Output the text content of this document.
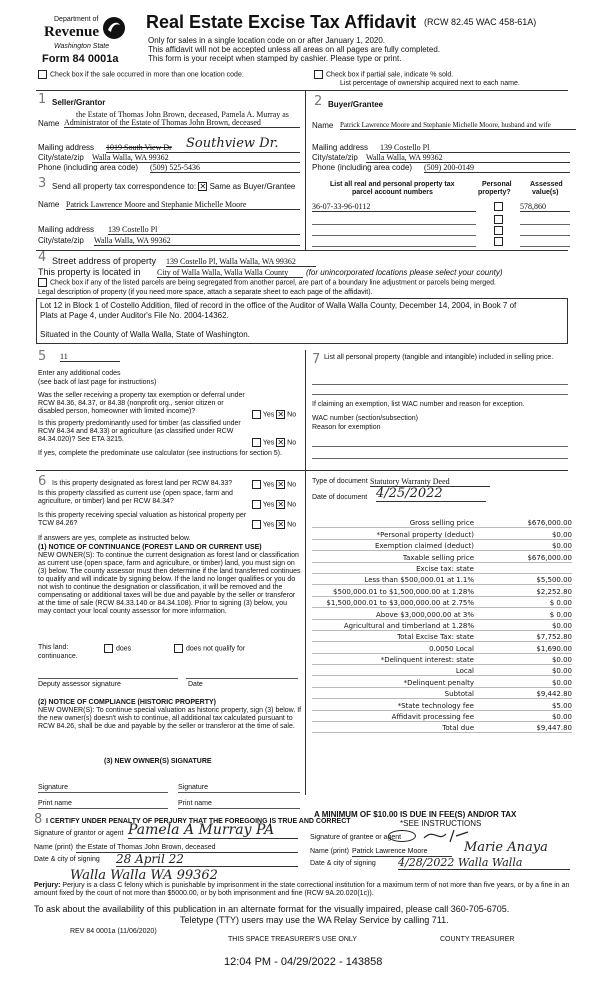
Department of
Revenue
Washington State
Form 84 0001a
Real Estate Excise Tax Affidavit (RCW 82.45 WAC 458-61A)
Only for sales in a single location code on or after January 1, 2020.
This affidavit will not be accepted unless all areas on all pages are fully completed.
This form is your receipt when stamped by cashier. Please type or print.
Check box if the sale occurred in more than one location code.	Check box if partial sale, indicate % sold.
List percentage of ownership acquired next to each name.
1 Seller/Grantor
the Estate of Thomas John Brown, deceased, Pamela A. Murray as
Name Administrator of the Estate of Thomas John Brown, deceased
Mailing address 1019 South View Dr	Southview Dr.
City/state/zip Walla Walla, WA 99362
Phone (including area code) (509) 525-5436
2 Buyer/Grantee
Name Patrick Lawrence Moore and Stephanie Michelle Moore, husband and wife
Mailing address 139 Costello Pl
City/state/zip Walla Walla, WA 99362
Phone (including area code) (509) 200-0149
3 Send all property tax correspondence to: ✕ Same as Buyer/Grantee
Name Patrick Lawrence Moore and Stephanie Michelle Moore
Mailing address 139 Costello Pl
City/state/zip Walla Walla, WA 99362
List all real and personal property tax
parcel account numbers
Personal
property?
Assessed
value(s)
36-07-33-96-0112	578,860
4 Street address of property 139 Costello Pl, Walla Walla, WA 99362
This property is located in City of Walla Walla, Walla Walla County	(for unincorporated locations please select your county)
Check box if any of the listed parcels are being segregated from another parcel, are part of a boundary line adjustment or parcels being merged.
Legal description of property (if you need more space, attach a separate sheet to each page of the affidavit).
Lot 12 in Block 1 of Costello Addition, filed of record in the office of the Auditor of Walla Walla County, December 14, 2004, in Book 7 of
Plats at Page 4, under Auditor's File No. 2004-14362.
Situated in the County of Walla Walla, State of Washington.
5 11
Enter any additional codes
(see back of last page for instructions)
Was the seller receiving a property tax exemption or deferral under RCW 84.36, 84.37, or 84.38 (nonprofit org., senior citizen or disabled person, homeowner with limited income)?	Yes ✕ No
Is this property predominantly used for timber (as classified under RCW 84.34 and 84.33) or agriculture (as classified under RCW 84.34.020)? See ETA 3215.	Yes ✕ No
If yes, complete the predominate use calculator (see instructions for section 5).
6 Is this property designated as forest land per RCW 84.33?	Yes ✕ No
Is this property classified as current use (open space, farm and agriculture, or timber) land per RCW 84.34?	Yes ✕ No
Is this property receiving special valuation as historical property per TCW 84.26?	Yes ✕ No
If answers are yes, complete as instructed below.
(1) NOTICE OF CONTINUANCE (FOREST LAND OR CURRENT USE)
NEW OWNER(S): To continue the current designation as forest land or classification as current use (open space, farm and agriculture, or timber) land, you must sign on (3) below. The county assessor must then determine if the land transferred continues to qualify and will indicate by signing below. If the land no longer qualifies or you do not wish to continue the designation or classification, it will be removed and the compensating or additional taxes will be due and payable by the seller or transferor at the time of sale (RCW 84.33.140 or 84.34.108). Prior to signing (3) below, you may contact your local county assessor for more information.
This land:	does	does not qualify for
continuance.
Deputy assessor signature	Date
(2) NOTICE OF COMPLIANCE (HISTORIC PROPERTY)
NEW OWNER(S): To continue special valuation as historic property, sign (3) below. If the new owner(s) doesn't wish to continue, all additional tax calculated pursuant to RCW 84.26, shall be due and payable by the seller or transferor at the time of sale.
(3) NEW OWNER(S) SIGNATURE
Signature	Signature
Print name	Print name
7 List all personal property (tangible and intangible) included in selling price.
If claiming an exemption, list WAC number and reason for exception.
WAC number (section/subsection)
Reason for exemption
Type of document Statutory Warranty Deed
Date of document 4/25/2022
Gross selling price	$676,000.00
*Personal property (deduct)	$0.00
Exemption claimed (deduct)	$0.00
Taxable selling price	$676,000.00
Excise tax: state
Less than $500,000.01 at 1.1%	$5,500.00
$500,000.01 to $1,500,000.00 at 1.28%	$2,252.80
$1,500,000.01 to $3,000,000.00 at 2.75%	$ 0.00
Above $3,000,000.00 at 3%	$ 0.00
Agricultural and timberland at 1.28%	$0.00
Total Excise Tax: state	$7,752.80
0.0050 Local	$1,690.00
*Delinquent interest: state	$0.00
Local	$0.00
*Delinquent penalty	$0.00
Subtotal	$9,442.80
*State technology fee	$5.00
Affidavit processing fee	$0.00
Total due	$9,447.80
A MINIMUM OF $10.00 IS DUE IN FEE(S) AND/OR TAX
*SEE INSTRUCTIONS
8 I CERTIFY UNDER PENALTY OF PERJURY THAT THE FOREGOING IS TRUE AND CORRECT
Signature of grantor or agent Pamela A Murray PA
Name (print) the Estate of Thomas John Brown, deceased
Date & city of signing 28 April 22
Walla Walla WA 99362
Signature of grantee or agent
Marie Anaya
Name (print) Patrick Lawrence Moore
Date & city of signing 4/28/2022 Walla Walla
Perjury: Perjury is a class C felony which is punishable by imprisonment in the state correctional institution for a maximum term of not more than five years, or by a fine in an amount fixed by the court of not more than $5000.00, or by both imprisonment and fine (RCW 9A.20.020(1c)).
To ask about the availability of this publication in an alternate format for the visually impaired, please call 360-705-6705.
Teletype (TTY) users may use the WA Relay Service by calling 711.
REV 84 0001a (11/06/2020)
THIS SPACE TREASURER'S USE ONLY	COUNTY TREASURER
12:04 PM - 04/29/2022 - 143858
